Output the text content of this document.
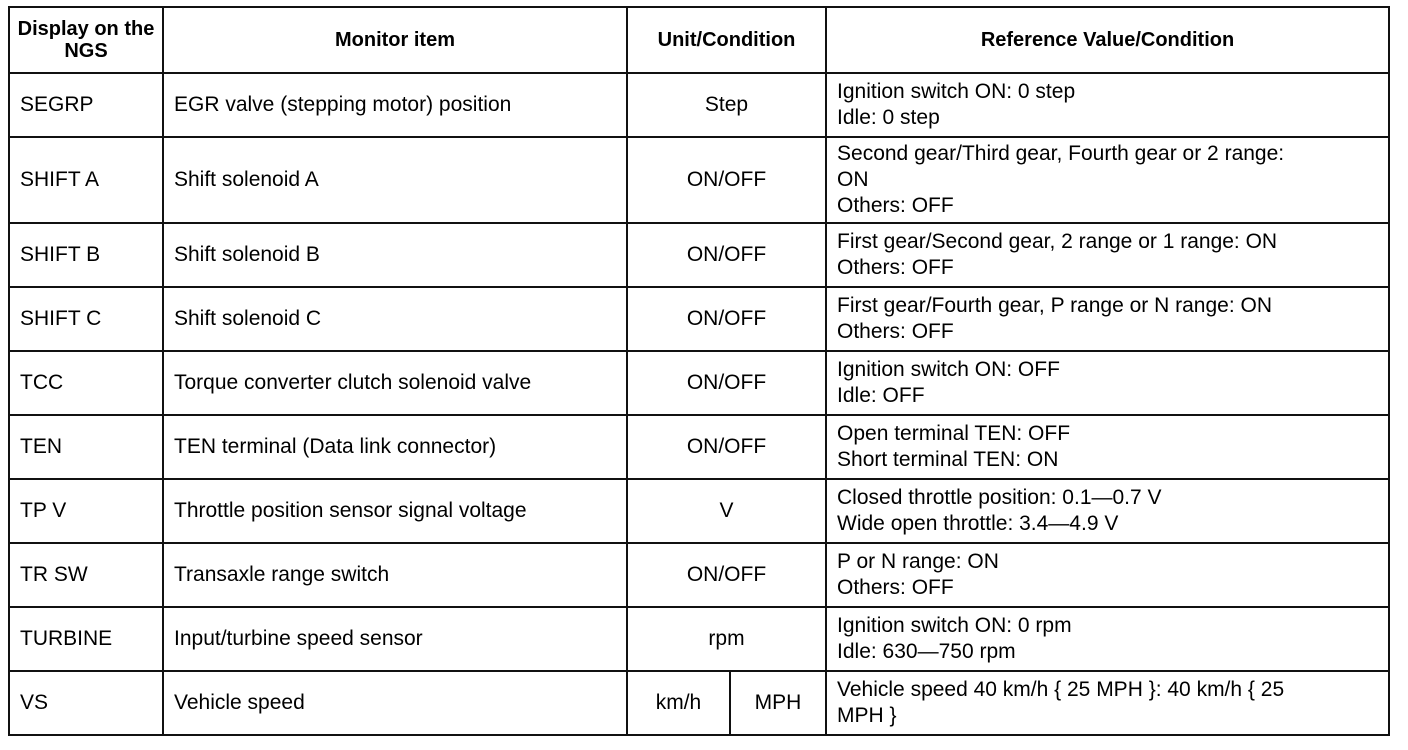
Display on the NGS	Monitor item	Unit/Condition		Reference Value/Condition
SEGRP	EGR valve (stepping motor) position	Step		Ignition switch ON: 0 step
Idle: 0 step

SHIFT A	Shift solenoid A	ON/OFF		Second gear/Third gear, Fourth gear or 2 range:
ON
Others: OFF

SHIFT B	Shift solenoid B	ON/OFF		First gear/Second gear, 2 range or 1 range: ON
Others: OFF

SHIFT C	Shift solenoid C	ON/OFF		First gear/Fourth gear, P range or N range: ON
Others: OFF

TCC	Torque converter clutch solenoid valve	ON/OFF		Ignition switch ON: OFF
Idle: OFF

TEN	TEN terminal (Data link connector)	ON/OFF		Open terminal TEN: OFF
Short terminal TEN: ON

TP V	Throttle position sensor signal voltage	V		Closed throttle position: 0.1—0.7 V
Wide open throttle: 3.4—4.9 V

TR SW	Transaxle range switch	ON/OFF		P or N range: ON
Others: OFF

TURBINE	Input/turbine speed sensor	rpm		Ignition switch ON: 0 rpm
Idle: 630—750 rpm

VS	Vehicle speed	km/h	MPH	Vehicle speed 40 km/h { 25 MPH }: 40 km/h { 25
MPH }
